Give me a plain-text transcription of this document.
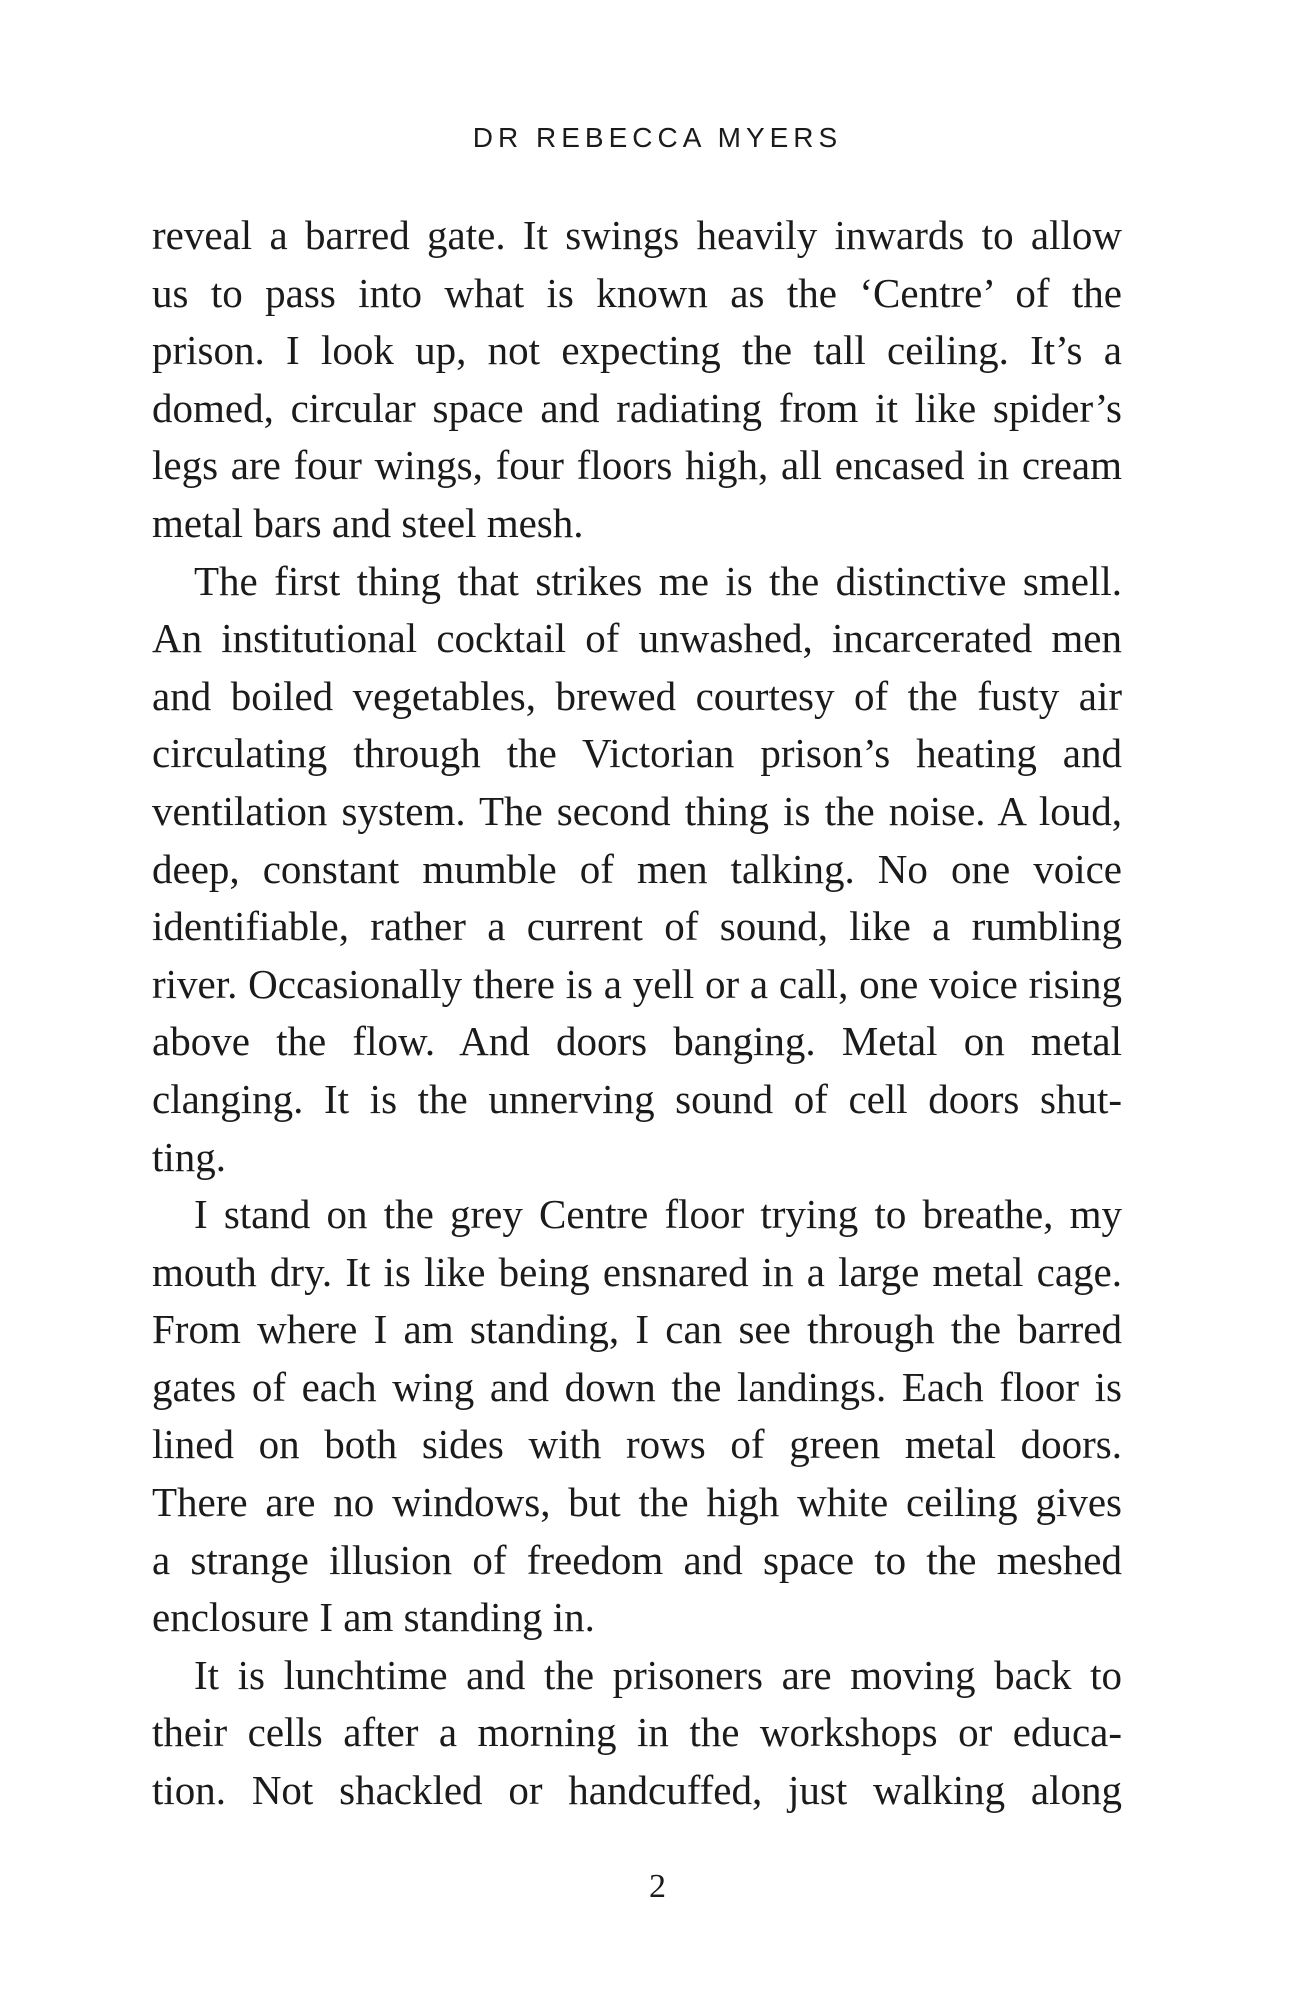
DR REBECCA MYERS

reveal a barred gate. It swings heavily inwards to allow
us to pass into what is known as the ‘Centre’ of the
prison. I look up, not expecting the tall ceiling. It’s a
domed, circular space and radiating from it like spider’s
legs are four wings, four floors high, all encased in cream
metal bars and steel mesh.

The first thing that strikes me is the distinctive smell.
An institutional cocktail of unwashed, incarcerated men
and boiled vegetables, brewed courtesy of the fusty air
circulating through the Victorian prison’s heating and
ventilation system. The second thing is the noise. A loud,
deep, constant mumble of men talking. No one voice
identifiable, rather a current of sound, like a rumbling
river. Occasionally there is a yell or a call, one voice rising
above the flow. And doors banging. Metal on metal
clanging. It is the unnerving sound of cell doors shut-
ting.

I stand on the grey Centre floor trying to breathe, my
mouth dry. It is like being ensnared in a large metal cage.
From where I am standing, I can see through the barred
gates of each wing and down the landings. Each floor is
lined on both sides with rows of green metal doors.
There are no windows, but the high white ceiling gives
a strange illusion of freedom and space to the meshed
enclosure I am standing in.

It is lunchtime and the prisoners are moving back to
their cells after a morning in the workshops or educa-
tion. Not shackled or handcuffed, just walking along

2
